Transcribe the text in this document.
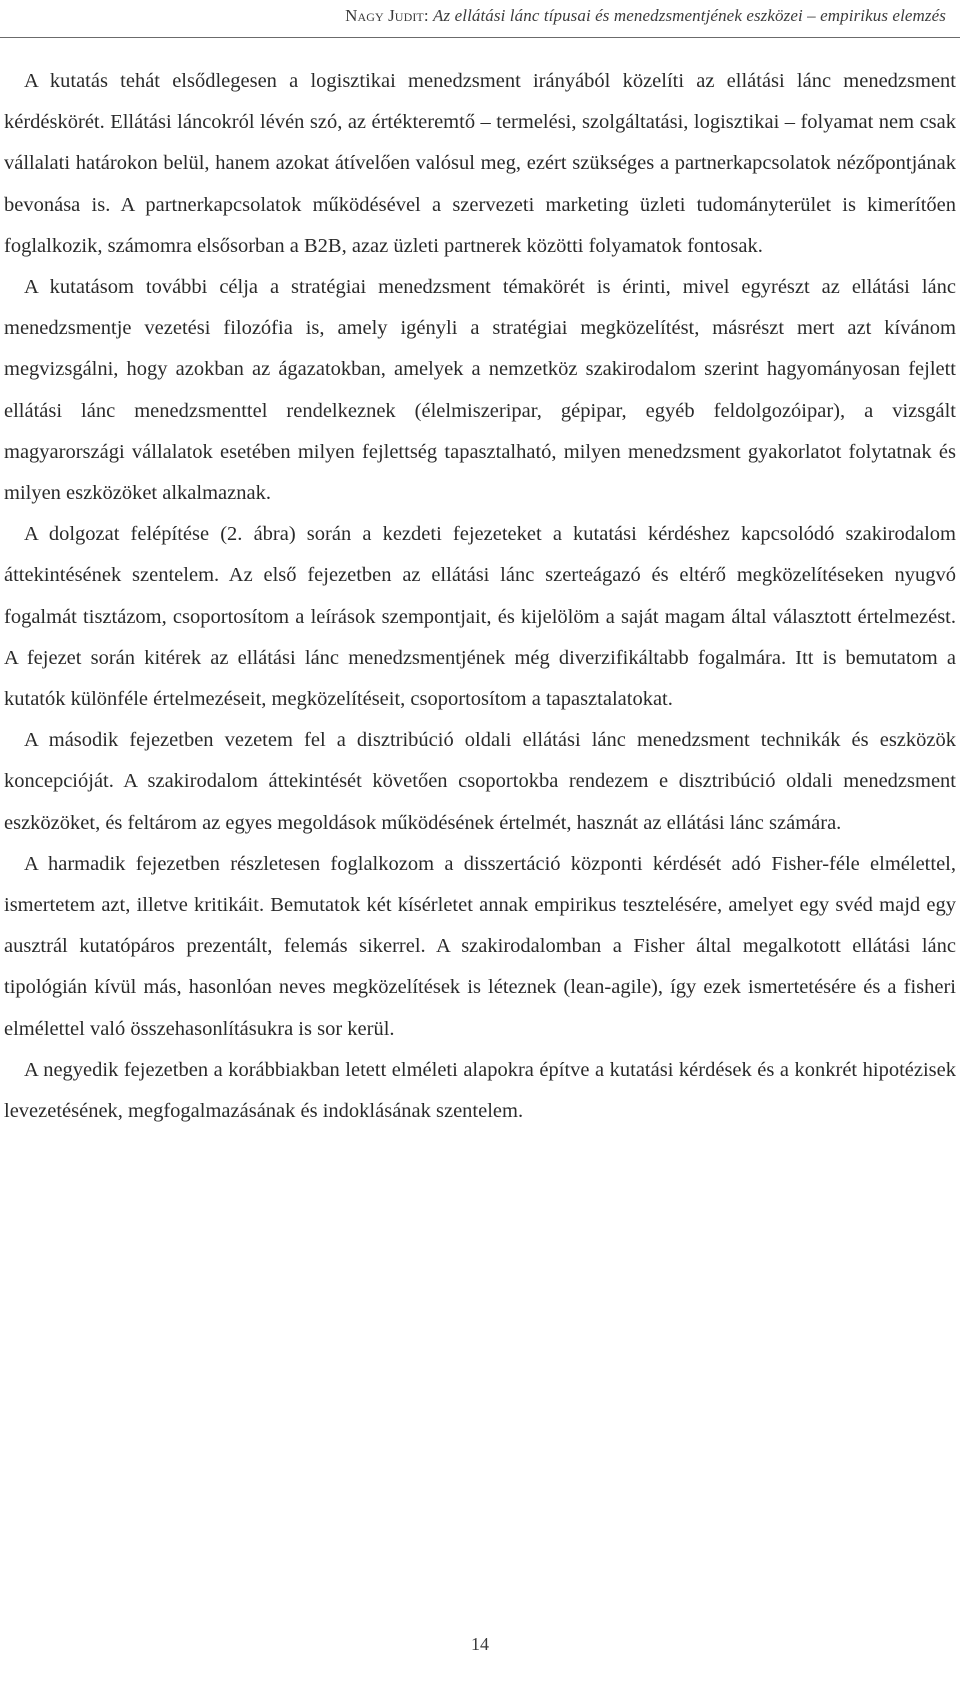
Nagy Judit: Az ellátási lánc típusai és menedzsmentjének eszközei – empirikus elemzés

A kutatás tehát elsődlegesen a logisztikai menedzsment irányából közelíti az ellátási lánc menedzsment kérdéskörét. Ellátási láncokról lévén szó, az értékteremtő – termelési, szolgáltatási, logisztikai – folyamat nem csak vállalati határokon belül, hanem azokat átívelően valósul meg, ezért szükséges a partnerkapcsolatok nézőpontjának bevonása is. A partnerkapcsolatok működésével a szervezeti marketing üzleti tudományterület is kimerítően foglalkozik, számomra elsősorban a B2B, azaz üzleti partnerek közötti folyamatok fontosak.

A kutatásom további célja a stratégiai menedzsment témakörét is érinti, mivel egyrészt az ellátási lánc menedzsmentje vezetési filozófia is, amely igényli a stratégiai megközelítést, másrészt mert azt kívánom megvizsgálni, hogy azokban az ágazatokban, amelyek a nemzetköz szakirodalom szerint hagyományosan fejlett ellátási lánc menedzsmenttel rendelkeznek (élelmiszeripar, gépipar, egyéb feldolgozóipar), a vizsgált magyarországi vállalatok esetében milyen fejlettség tapasztalható, milyen menedzsment gyakorlatot folytatnak és milyen eszközöket alkalmaznak.

A dolgozat felépítése (2. ábra) során a kezdeti fejezeteket a kutatási kérdéshez kapcsolódó szakirodalom áttekintésének szentelem. Az első fejezetben az ellátási lánc szerteágazó és eltérő megközelítéseken nyugvó fogalmát tisztázom, csoportosítom a leírások szempontjait, és kijelölöm a saját magam által választott értelmezést. A fejezet során kitérek az ellátási lánc menedzsmentjének még diverzifikáltabb fogalmára. Itt is bemutatom a kutatók különféle értelmezéseit, megközelítéseit, csoportosítom a tapasztalatokat.

A második fejezetben vezetem fel a disztribúció oldali ellátási lánc menedzsment technikák és eszközök koncepcióját. A szakirodalom áttekintését követően csoportokba rendezem e disztribúció oldali menedzsment eszközöket, és feltárom az egyes megoldások működésének értelmét, hasznát az ellátási lánc számára.

A harmadik fejezetben részletesen foglalkozom a disszertáció központi kérdését adó Fisher-féle elmélettel, ismertetem azt, illetve kritikáit. Bemutatok két kísérletet annak empirikus tesztelésére, amelyet egy svéd majd egy ausztrál kutatópáros prezentált, felemás sikerrel. A szakirodalomban a Fisher által megalkotott ellátási lánc tipológián kívül más, hasonlóan neves megközelítések is léteznek (lean-agile), így ezek ismertetésére és a fisheri elmélettel való összehasonlításukra is sor kerül.

A negyedik fejezetben a korábbiakban letett elméleti alapokra építve a kutatási kérdések és a konkrét hipotézisek levezetésének, megfogalmazásának és indoklásának szentelem.

14
